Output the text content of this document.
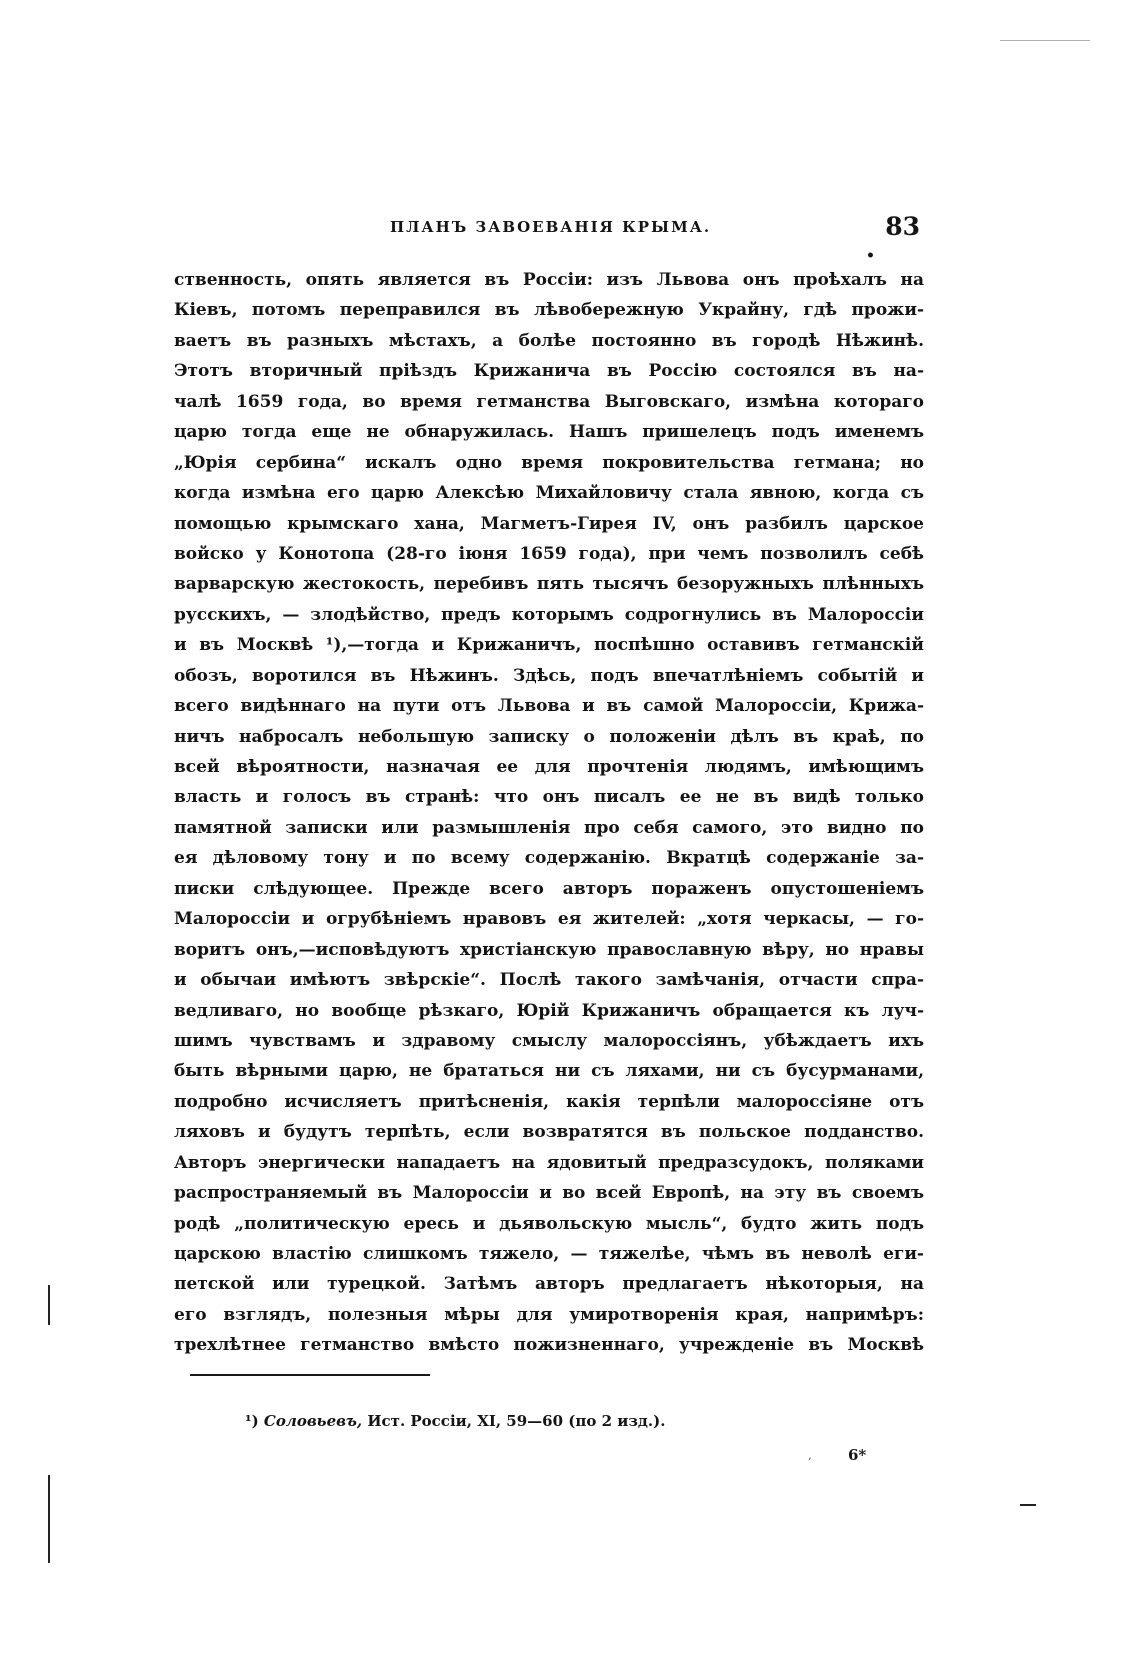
ПЛАНЪ ЗАВОЕВАНІЯ КРЫМА.	83
•
ственность, опять является въ Россіи: изъ Львова онъ проѣхалъ на
Кіевъ, потомъ переправился въ лѣвобережную Украйну, гдѣ прожи-
ваетъ въ разныхъ мѣстахъ, а болѣе постоянно въ городѣ Нѣжинѣ.
Этотъ вторичный пріѣздъ Крижанича въ Россію состоялся въ на-
чалѣ 1659 года, во время гетманства Выговскаго, измѣна котораго
царю тогда еще не обнаружилась. Нашъ пришелецъ подъ именемъ
„Юрія сербина“ искалъ одно время покровительства гетмана; но
когда измѣна его царю Алексѣю Михайловичу стала явною, когда съ
помощью крымскаго хана, Магметъ-Гирея IV, онъ разбилъ царское
войско у Конотопа (28-го іюня 1659 года), при чемъ позволилъ себѣ
варварскую жестокость, перебивъ пять тысячъ безоружныхъ плѣнныхъ
русскихъ, — злодѣйство, предъ которымъ содрогнулись въ Малороссіи
и въ Москвѣ ¹),—тогда и Крижаничъ, поспѣшно оставивъ гетманскій
обозъ, воротился въ Нѣжинъ. Здѣсь, подъ впечатлѣніемъ событій и
всего видѣннаго на пути отъ Львова и въ самой Малороссіи, Крижа-
ничъ набросалъ небольшую записку о положеніи дѣлъ въ краѣ, по
всей вѣроятности, назначая ее для прочтенія людямъ, имѣющимъ
власть и голосъ въ странѣ: что онъ писалъ ее не въ видѣ только
памятной записки или размышленія про себя самого, это видно по
ея дѣловому тону и по всему содержанію. Вкратцѣ содержаніе за-
писки слѣдующее. Прежде всего авторъ пораженъ опустошеніемъ
Малороссіи и огрубѣніемъ нравовъ ея жителей: „хотя черкасы, — го-
воритъ онъ,—исповѣдуютъ христіанскую православную вѣру, но нравы
и обычаи имѣютъ звѣрскіе“. Послѣ такого замѣчанія, отчасти спра-
ведливаго, но вообще рѣзкаго, Юрій Крижаничъ обращается къ луч-
шимъ чувствамъ и здравому смыслу малороссіянъ, убѣждаетъ ихъ
быть вѣрными царю, не брататься ни съ ляхами, ни съ бусурманами,
подробно исчисляетъ притѣсненія, какія терпѣли малороссіяне отъ
ляховъ и будутъ терпѣть, если возвратятся въ польское подданство.
Авторъ энергически нападаетъ на ядовитый предразсудокъ, поляками
распространяемый въ Малороссіи и во всей Европѣ, на эту въ своемъ
родѣ „политическую ересь и дьявольскую мысль“, будто жить подъ
царскою властію слишкомъ тяжело, — тяжелѣе, чѣмъ въ неволѣ еги-
петской или турецкой. Затѣмъ авторъ предлагаетъ нѣкоторыя, на
его взглядъ, полезныя мѣры для умиротворенія края, напримѣръ:
трехлѣтнее гетманство вмѣсто пожизненнаго, учрежденіе въ Москвѣ
¹) Соловьевъ, Ист. Россіи, XI, 59—60 (по 2 изд.).
, 6*
